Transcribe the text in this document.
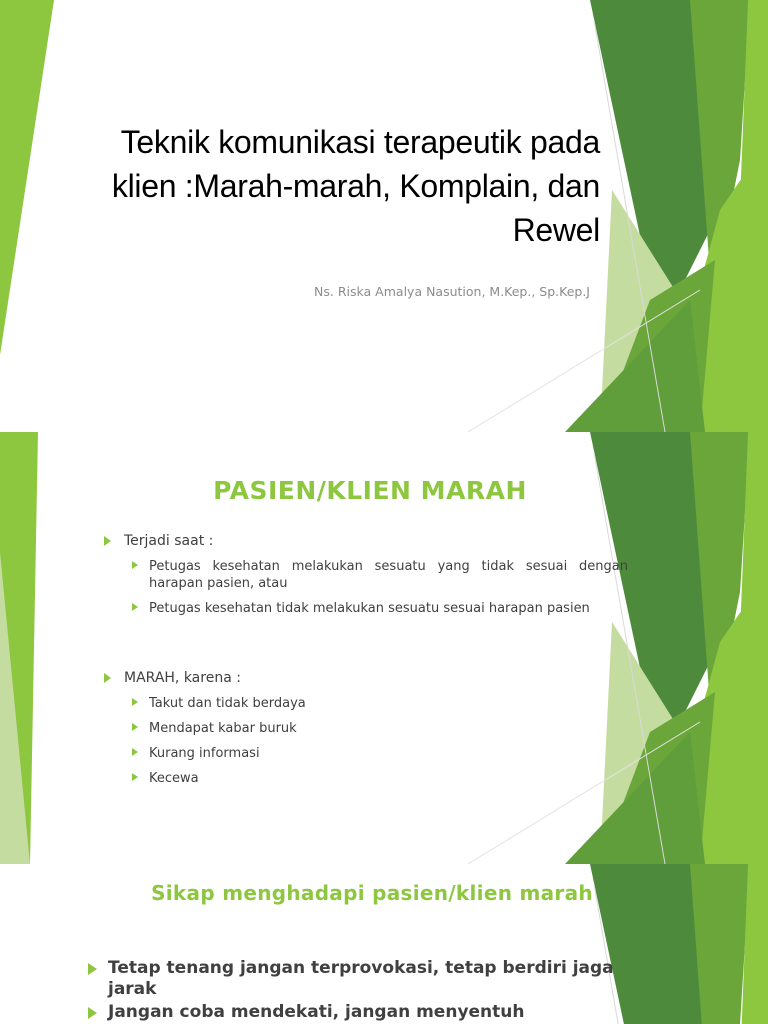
Teknik komunikasi terapeutik pada klien :Marah-marah, Komplain, dan Rewel
Ns. Riska Amalya Nasution, M.Kep., Sp.Kep.J
PASIEN/KLIEN MARAH
Terjadi saat :
Petugas kesehatan melakukan sesuatu yang tidak sesuai dengan harapan pasien, atau
Petugas kesehatan tidak melakukan sesuatu sesuai harapan pasien
MARAH, karena :
Takut dan tidak berdaya
Mendapat kabar buruk
Kurang informasi
Kecewa
Sikap menghadapi pasien/klien marah
Tetap tenang jangan terprovokasi, tetap berdiri jaga jarak
Jangan coba mendekati, jangan menyentuh
